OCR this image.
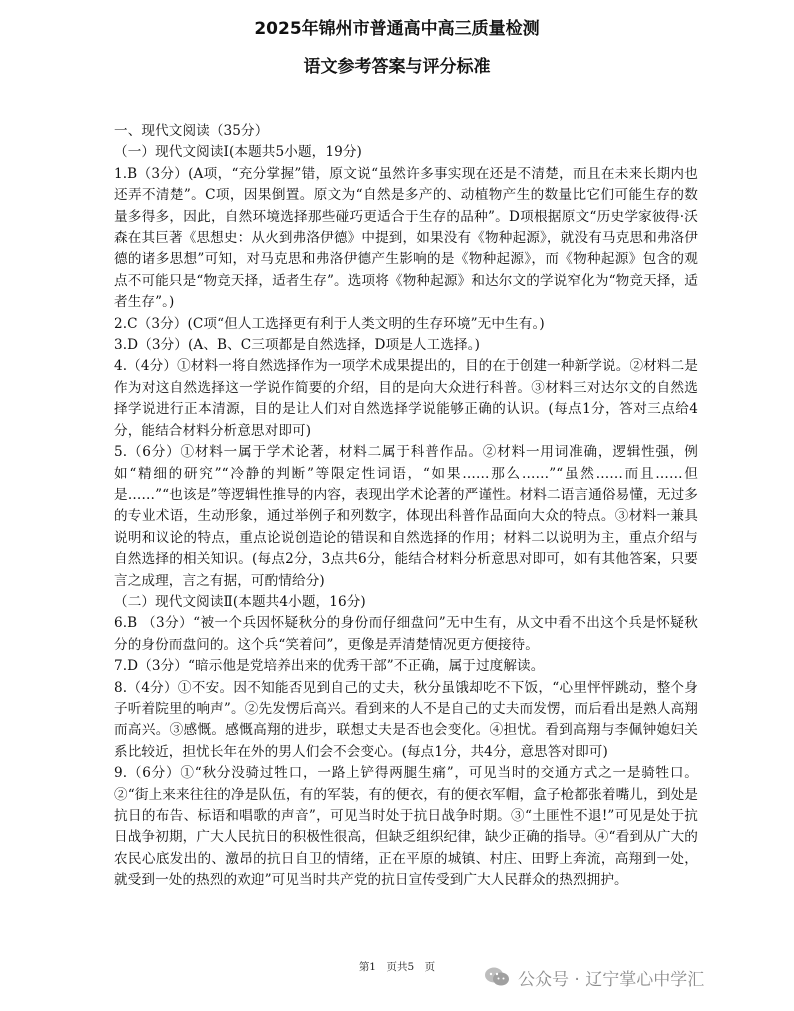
2025年锦州市普通高中高三质量检测
语文参考答案与评分标准

一、现代文阅读（35分）

（一）现代文阅读Ⅰ(本题共5小题，19分)

1.B（3分）(A项，“充分掌握”错，原文说“虽然许多事实现在还是不清楚，而且在未来长期内也还弄不清楚”。C项，因果倒置。原文为“自然是多产的、动植物产生的数量比它们可能生存的数量多得多，因此，自然环境选择那些碰巧更适合于生存的品种”。D项根据原文“历史学家彼得·沃森在其巨著《思想史：从火到弗洛伊德》中提到，如果没有《物种起源》，就没有马克思和弗洛伊德的诸多思想”可知，对马克思和弗洛伊德产生影响的是《物种起源》，而《物种起源》包含的观点不可能只是“物竞天择，适者生存”。选项将《物种起源》和达尔文的学说窄化为“物竞天择，适者生存”。)

2.C（3分）(C项“但人工选择更有利于人类文明的生存环境”无中生有。)

3.D（3分）(A、B、C三项都是自然选择，D项是人工选择。)

4.（4分）①材料一将自然选择作为一项学术成果提出的，目的在于创建一种新学说。②材料二是作为对这自然选择这一学说作简要的介绍，目的是向大众进行科普。③材料三对达尔文的自然选择学说进行正本清源，目的是让人们对自然选择学说能够正确的认识。(每点1分，答对三点给4分，能结合材料分析意思对即可)

5.（6分）①材料一属于学术论著，材料二属于科普作品。②材料一用词准确，逻辑性强，例如“精细的研究”“冷静的判断”等限定性词语，“如果……那么……”“虽然……而且……但是……”“也该是”等逻辑性推导的内容，表现出学术论著的严谨性。材料二语言通俗易懂，无过多的专业术语，生动形象，通过举例子和列数字，体现出科普作品面向大众的特点。③材料一兼具说明和议论的特点，重点论说创造论的错误和自然选择的作用；材料二以说明为主，重点介绍与自然选择的相关知识。(每点2分，3点共6分，能结合材料分析意思对即可，如有其他答案，只要言之成理，言之有据，可酌情给分)

（二）现代文阅读Ⅱ(本题共4小题，16分)

6.B （3分）“被一个兵因怀疑秋分的身份而仔细盘问”无中生有，从文中看不出这个兵是怀疑秋分的身份而盘问的。这个兵“笑着问”，更像是弄清楚情况更方便接待。

7.D（3分）“暗示他是党培养出来的优秀干部”不正确，属于过度解读。

8.（4分）①不安。因不知能否见到自己的丈夫，秋分虽饿却吃不下饭，“心里怦怦跳动，整个身子听着院里的响声”。②先发愣后高兴。看到来的人不是自己的丈夫而发愣，而后看出是熟人高翔而高兴。③感慨。感慨高翔的进步，联想丈夫是否也会变化。④担忧。看到高翔与李佩钟媳妇关系比较近，担忧长年在外的男人们会不会变心。(每点1分，共4分，意思答对即可)

9.（6分）①“秋分没骑过牲口，一路上铲得两腿生痛”，可见当时的交通方式之一是骑牲口。②“街上来来往往的净是队伍，有的军装，有的便衣，有的便衣军帽，盒子枪都张着嘴儿，到处是抗日的布告、标语和唱歌的声音”，可见当时处于抗日战争时期。③“土匪性不退!”可见是处于抗日战争初期，广大人民抗日的积极性很高，但缺乏组织纪律，缺少正确的指导。④“看到从广大的农民心底发出的、激昂的抗日自卫的情绪，正在平原的城镇、村庄、田野上奔流，高翔到一处，就受到一处的热烈的欢迎”可见当时共产党的抗日宣传受到广大人民群众的热烈拥护。

第1　页共5　页
公众号 · 辽宁掌心中学汇
